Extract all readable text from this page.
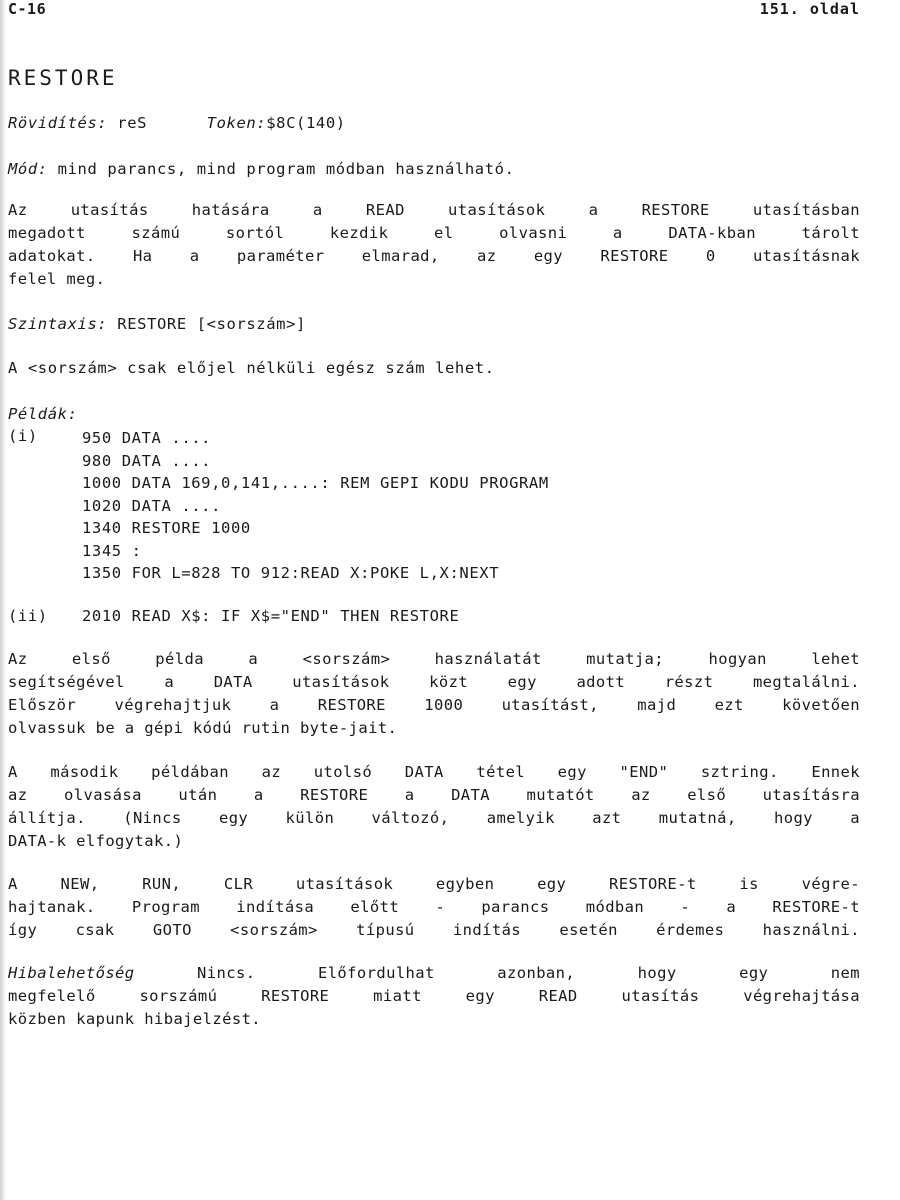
C-16	151. oldal
RESTORE
Rövidítés: reS	Token:$8C(140)
Mód: mind parancs, mind program módban használható.
Az utasítás hatására a READ utasítások a RESTORE utasításban
megadott számú sortól kezdik el olvasni a DATA-kban tárolt
adatokat. Ha a paraméter elmarad, az egy RESTORE 0 utasításnak
felel meg.
Szintaxis: RESTORE [<sorszám>]
A <sorszám> csak előjel nélküli egész szám lehet.
Példák:
(i)	950 DATA ....
980 DATA ....
1000 DATA 169,0,141,....: REM GEPI KODU PROGRAM
1020 DATA ....
1340 RESTORE 1000
1345 :
1350 FOR L=828 TO 912:READ X:POKE L,X:NEXT
(ii) 2010 READ X$: IF X$="END" THEN RESTORE
Az első példa a <sorszám> használatát mutatja; hogyan lehet
segítségével a DATA utasítások közt egy adott részt megtalálni.
Először végrehajtjuk a RESTORE 1000 utasítást, majd ezt követően
olvassuk be a gépi kódú rutin byte-jait.
A második példában az utolsó DATA tétel egy "END" sztring. Ennek
az olvasása után a RESTORE a DATA mutatót az első utasításra
állítja. (Nincs egy külön változó, amelyik azt mutatná, hogy a
DATA-k elfogytak.)
A NEW, RUN, CLR utasítások egyben egy RESTORE-t is végre-
hajtanak. Program indítása előtt - parancs módban - a RESTORE-t
így csak GOTO <sorszám> típusú indítás esetén érdemes használni.
Hibalehetőség	Nincs. Előfordulhat azonban, hogy egy nem
megfelelő sorszámú RESTORE miatt egy READ utasítás végrehajtása
közben kapunk hibajelzést.
